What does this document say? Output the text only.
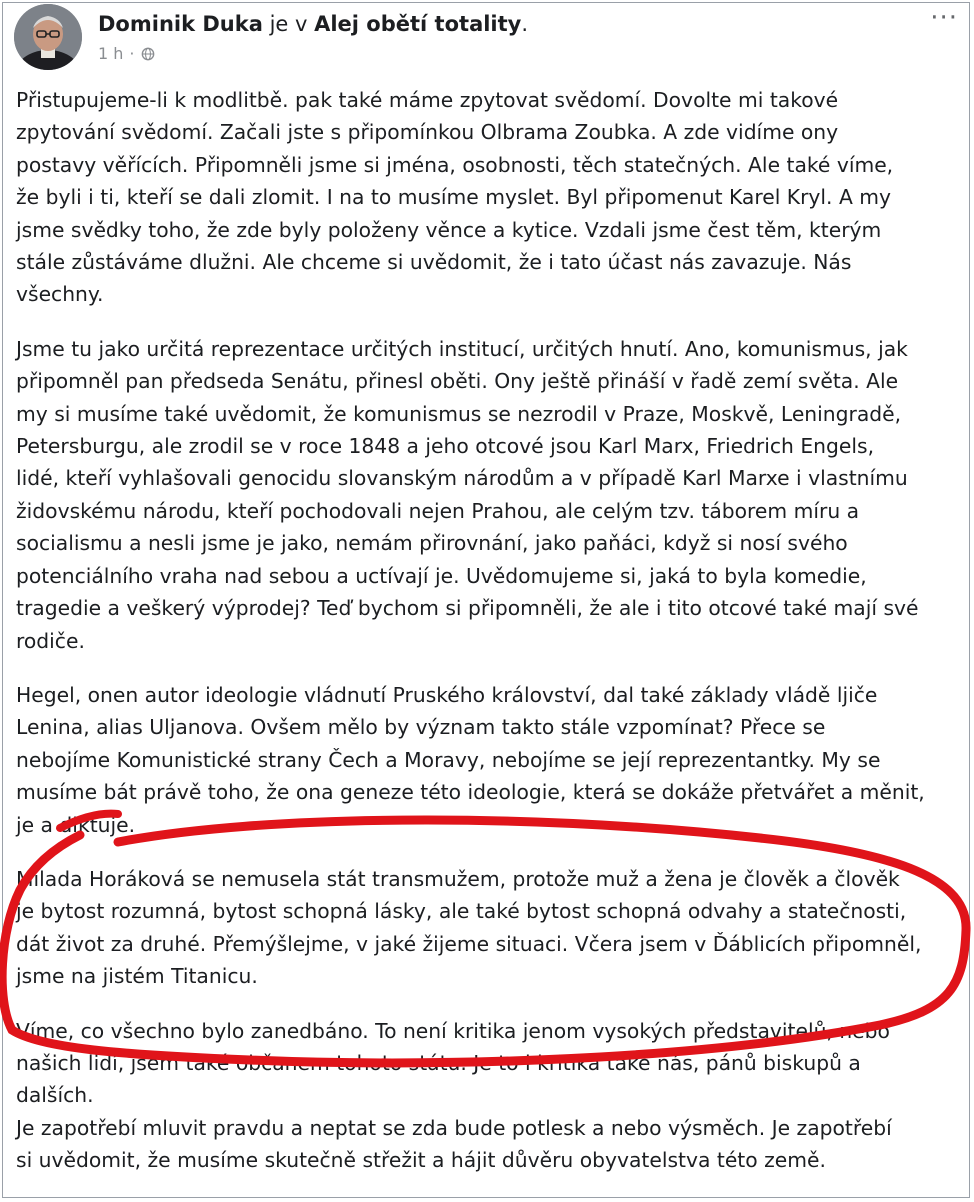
Dominik Duka je v Alej obětí totality.
1 h ·
···

Přistupujeme-li k modlitbě. pak také máme zpytovat svědomí. Dovolte mi takové
zpytování svědomí. Začali jste s připomínkou Olbrama Zoubka. A zde vidíme ony
postavy věřících. Připomněli jsme si jména, osobnosti, těch statečných. Ale také víme,
že byli i ti, kteří se dali zlomit. I na to musíme myslet. Byl připomenut Karel Kryl. A my
jsme svědky toho, že zde byly položeny věnce a kytice. Vzdali jsme čest těm, kterým
stále zůstáváme dlužni. Ale chceme si uvědomit, že i tato účast nás zavazuje. Nás
všechny.

Jsme tu jako určitá reprezentace určitých institucí, určitých hnutí. Ano, komunismus, jak
připomněl pan předseda Senátu, přinesl oběti. Ony ještě přináší v řadě zemí světa. Ale
my si musíme také uvědomit, že komunismus se nezrodil v Praze, Moskvě, Leningradě,
Petersburgu, ale zrodil se v roce 1848 a jeho otcové jsou Karl Marx, Friedrich Engels,
lidé, kteří vyhlašovali genocidu slovanským národům a v případě Karl Marxe i vlastnímu
židovskému národu, kteří pochodovali nejen Prahou, ale celým tzv. táborem míru a
socialismu a nesli jsme je jako, nemám přirovnání, jako paňáci, když si nosí svého
potenciálního vraha nad sebou a uctívají je. Uvědomujeme si, jaká to byla komedie,
tragedie a veškerý výprodej? Teď bychom si připomněli, že ale i tito otcové také mají své
rodiče.

Hegel, onen autor ideologie vládnutí Pruského království, dal také základy vládě ljiče
Lenina, alias Uljanova. Ovšem mělo by význam takto stále vzpomínat? Přece se
nebojíme Komunistické strany Čech a Moravy, nebojíme se její reprezentantky. My se
musíme bát právě toho, že ona geneze této ideologie, která se dokáže přetvářet a měnit,
je a diktuje.

Milada Horáková se nemusela stát transmužem, protože muž a žena je člověk a člověk
je bytost rozumná, bytost schopná lásky, ale také bytost schopná odvahy a statečnosti,
dát život za druhé. Přemýšlejme, v jaké žijeme situaci. Včera jsem v Ďáblicích připomněl,
jsme na jistém Titanicu.

Víme, co všechno bylo zanedbáno. To není kritika jenom vysokých představitelů, nebo
našich lidí, jsem také občanem tohoto státu. Je to i kritika také nás, pánů biskupů a
dalších.
Je zapotřebí mluvit pravdu a neptat se zda bude potlesk a nebo výsměch. Je zapotřebí
si uvědomit, že musíme skutečně střežit a hájit důvěru obyvatelstva této země.
